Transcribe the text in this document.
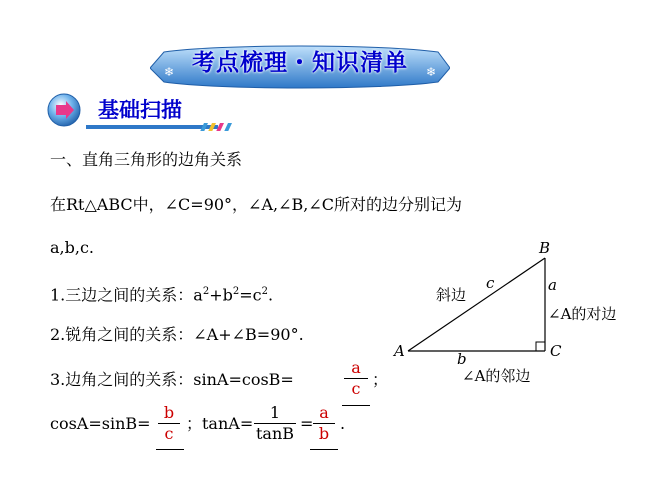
❄	❄
考点梳理・知识清单
基础扫描
一、直角三角形的边角关系
在Rt△ABC中，∠C=90°，∠A,∠B,∠C所对的边分别记为
a,b,c.
1.三边之间的关系：$a^2+b^2=c^2$.
2.锐角之间的关系：∠A+∠B=90°.
3.边角之间的关系：sinA=cosB=
a
c ；
cosA=sinB=
b
c
；tanA=
1
tanB
=
a
b
.
B
A	C
c	a
b
斜边
∠A的对边
∠A的邻边
